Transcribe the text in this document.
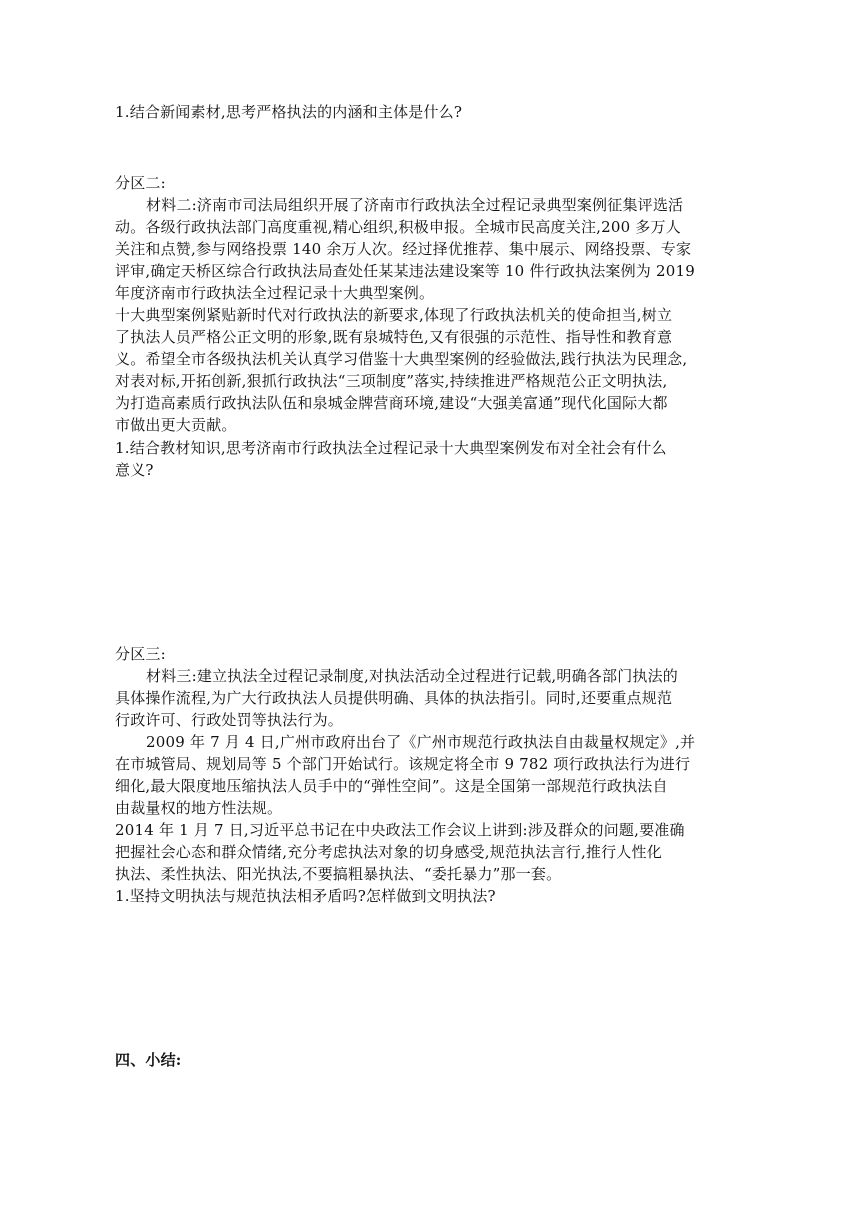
1.结合新闻素材,思考严格执法的内涵和主体是什么?
分区二:
材料二:济南市司法局组织开展了济南市行政执法全过程记录典型案例征集评选活
动。各级行政执法部门高度重视,精心组织,积极申报。全城市民高度关注,200 多万人
关注和点赞,参与网络投票 140 余万人次。经过择优推荐、集中展示、网络投票、专家
评审,确定天桥区综合行政执法局查处任某某违法建设案等 10 件行政执法案例为 2019
年度济南市行政执法全过程记录十大典型案例。
十大典型案例紧贴新时代对行政执法的新要求,体现了行政执法机关的使命担当,树立
了执法人员严格公正文明的形象,既有泉城特色,又有很强的示范性、指导性和教育意
义。希望全市各级执法机关认真学习借鉴十大典型案例的经验做法,践行执法为民理念,
对表对标,开拓创新,狠抓行政执法“三项制度”落实,持续推进严格规范公正文明执法,
为打造高素质行政执法队伍和泉城金牌营商环境,建设“大强美富通”现代化国际大都
市做出更大贡献。
1.结合教材知识,思考济南市行政执法全过程记录十大典型案例发布对全社会有什么
意义?
分区三:
材料三:建立执法全过程记录制度,对执法活动全过程进行记载,明确各部门执法的
具体操作流程,为广大行政执法人员提供明确、具体的执法指引。同时,还要重点规范
行政许可、行政处罚等执法行为。
2009 年 7 月 4 日,广州市政府出台了《广州市规范行政执法自由裁量权规定》,并
在市城管局、规划局等 5 个部门开始试行。该规定将全市 9 782 项行政执法行为进行
细化,最大限度地压缩执法人员手中的“弹性空间”。这是全国第一部规范行政执法自
由裁量权的地方性法规。
2014 年 1 月 7 日,习近平总书记在中央政法工作会议上讲到:涉及群众的问题,要准确
把握社会心态和群众情绪,充分考虑执法对象的切身感受,规范执法言行,推行人性化
执法、柔性执法、阳光执法,不要搞粗暴执法、“委托暴力”那一套。
1.坚持文明执法与规范执法相矛盾吗?怎样做到文明执法?
四、小结:
